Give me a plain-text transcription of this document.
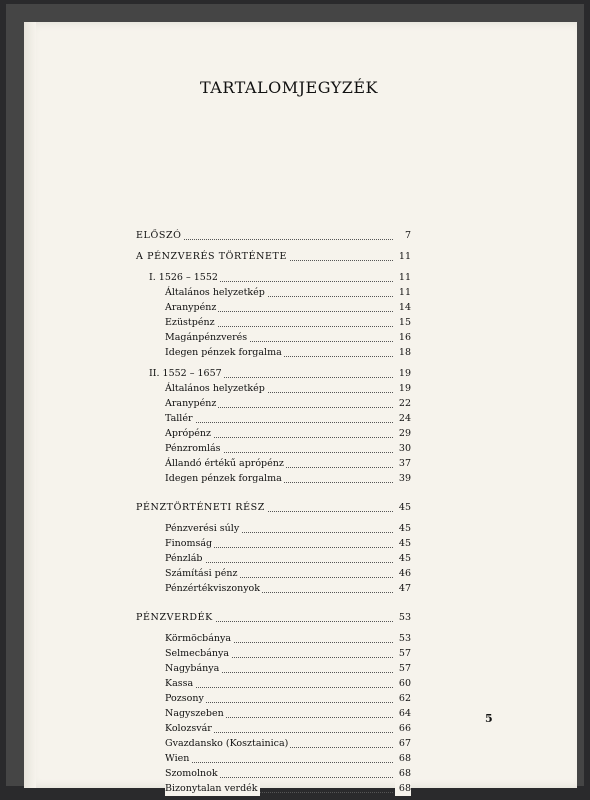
TARTALOMJEGYZÉK
ELŐSZÓ	7
A PÉNZVERÉS TÖRTÉNETE	11
I. 1526 – 1552	11
Általános helyzetkép	11
Aranypénz	14
Ezüstpénz	15
Magánpénzverés	16
Idegen pénzek forgalma	18
II. 1552 – 1657	19
Általános helyzetkép	19
Aranypénz	22
Tallér	24
Aprópénz	29
Pénzromlás	30
Állandó értékű aprópénz	37
Idegen pénzek forgalma	39
PÉNZTÖRTÉNETI RÉSZ	45
Pénzverési súly	45
Finomság	45
Pénzláb	45
Számítási pénz	46
Pénzértékviszonyok	47
PÉNZVERDÉK	53
Körmöcbánya	53
Selmecbánya	57
Nagybánya	57
Kassa	60
Pozsony	62
Nagyszeben	64
Kolozsvár	66
Gvazdansko (Kosztainica)	67
Wien	68
Szomolnok	68
Bizonytalan verdék	68
5
